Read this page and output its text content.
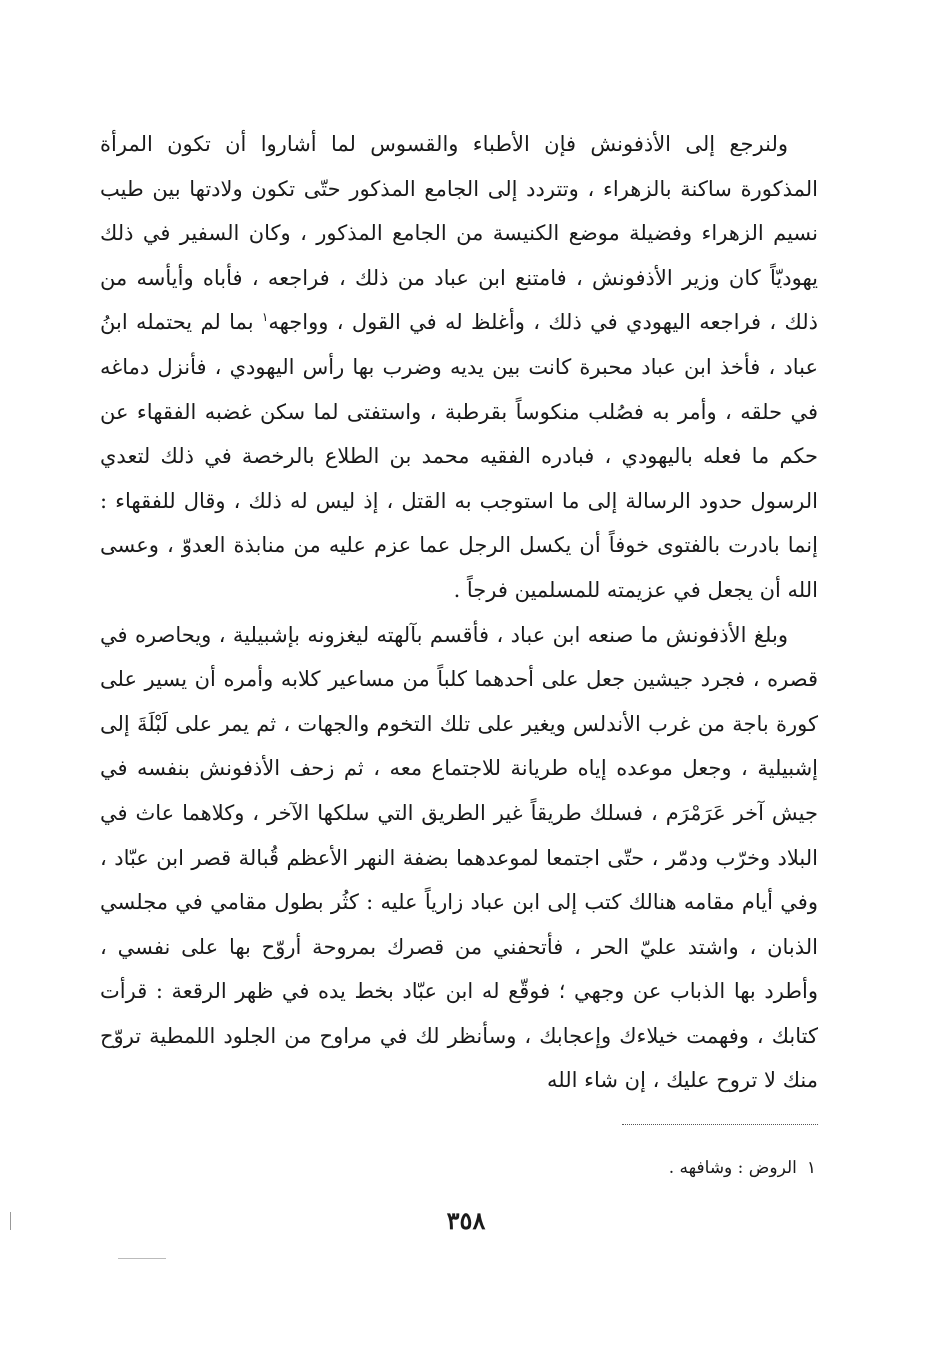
ولنرجع إلى الأذفونش فإن الأطباء والقسوس لما أشاروا أن تكون المرأة المذكورة ساكنة بالزهراء ، وتتردد إلى الجامع المذكور حتّى تكون ولادتها بين طيب نسيم الزهراء وفضيلة موضع الكنيسة من الجامع المذكور ، وكان السفير في ذلك يهوديّاً كان وزير الأذفونش ، فامتنع ابن عباد من ذلك ، فراجعه ، فأباه وأيأسه من ذلك ، فراجعه اليهودي في ذلك ، وأغلظ له في القول ، وواجهه$^١$ بما لم يحتمله ابنُ عباد ، فأخذ ابن عباد محبرة كانت بين يديه وضرب بها رأس اليهودي ، فأنزل دماغه في حلقه ، وأمر به فصُلب منكوساً بقرطبة ، واستفتى لما سكن غضبه الفقهاء عن حكم ما فعله باليهودي ، فبادره الفقيه محمد بن الطلاع بالرخصة في ذلك لتعدي الرسول حدود الرسالة إلى ما استوجب به القتل ، إذ ليس له ذلك ، وقال للفقهاء : إنما بادرت بالفتوى خوفاً أن يكسل الرجل عما عزم عليه من منابذة العدوّ ، وعسى الله أن يجعل في عزيمته للمسلمين فرجاً .

وبلغ الأذفونش ما صنعه ابن عباد ، فأقسم بآلهته ليغزونه بإشبيلية ، ويحاصره في قصره ، فجرد جيشين جعل على أحدهما كلباً من مساعير كلابه وأمره أن يسير على كورة باجة من غرب الأندلس ويغير على تلك التخوم والجهات ، ثم يمر على لَبْلَةَ إلى إشبيلية ، وجعل موعده إياه طريانة للاجتماع معه ، ثم زحف الأذفونش بنفسه في جيش آخر عَرَمْرَم ، فسلك طريقاً غير الطريق التي سلكها الآخر ، وكلاهما عاث في البلاد وخرّب ودمّر ، حتّى اجتمعا لموعدهما بضفة النهر الأعظم قُبالة قصر ابن عبّاد ، وفي أيام مقامه هنالك كتب إلى ابن عباد زارياً عليه : كثُر بطول مقامي في مجلسي الذبان ، واشتد عليّ الحر ، فأتحفني من قصرك بمروحة أروّح بها على نفسي ، وأطرد بها الذباب عن وجهي ؛ فوقّع له ابن عبّاد بخط يده في ظهر الرقعة : قرأت كتابك ، وفهمت خيلاءك وإعجابك ، وسأنظر لك في مراوح من الجلود اللمطية تروّح منك لا تروح عليك ، إن شاء الله

١الروض : وشافهه .
٣٥٨
